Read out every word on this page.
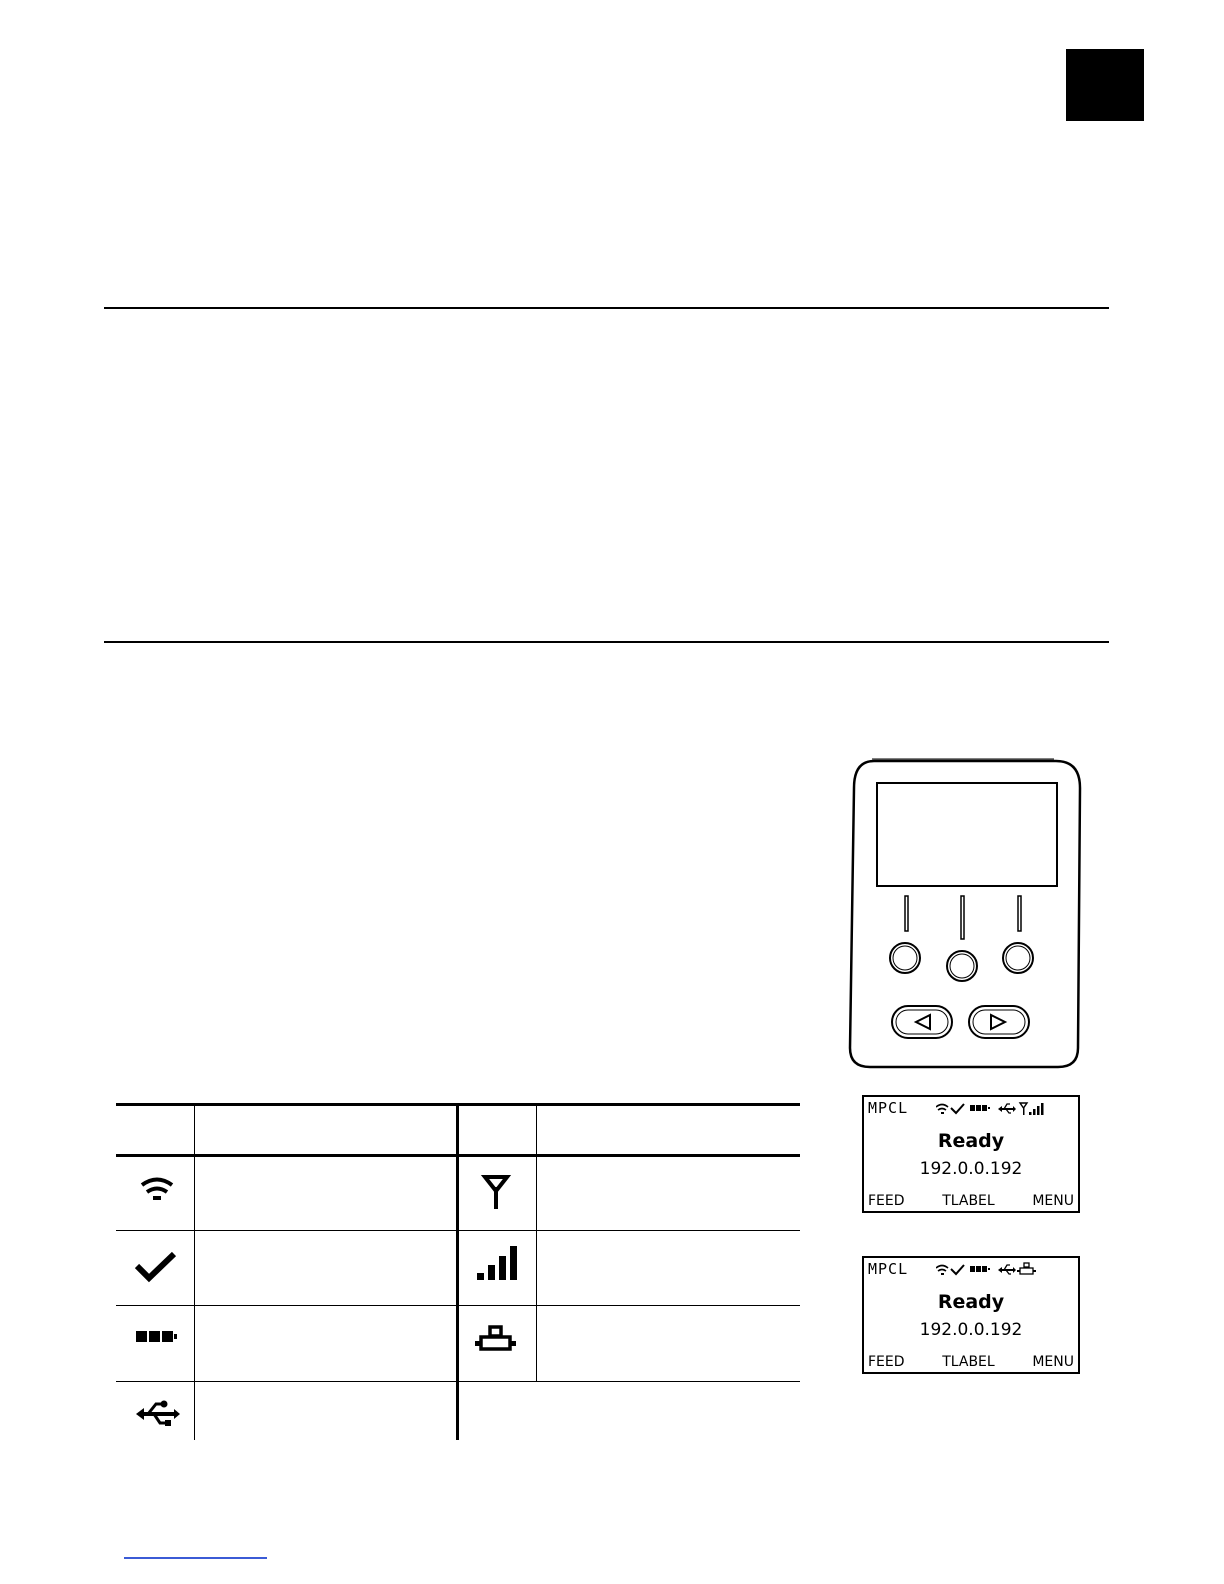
MPCL
Ready
192.0.0.192
FEED	TLABEL	MENU
MPCL
Ready
192.0.0.192
FEED	TLABEL	MENU
